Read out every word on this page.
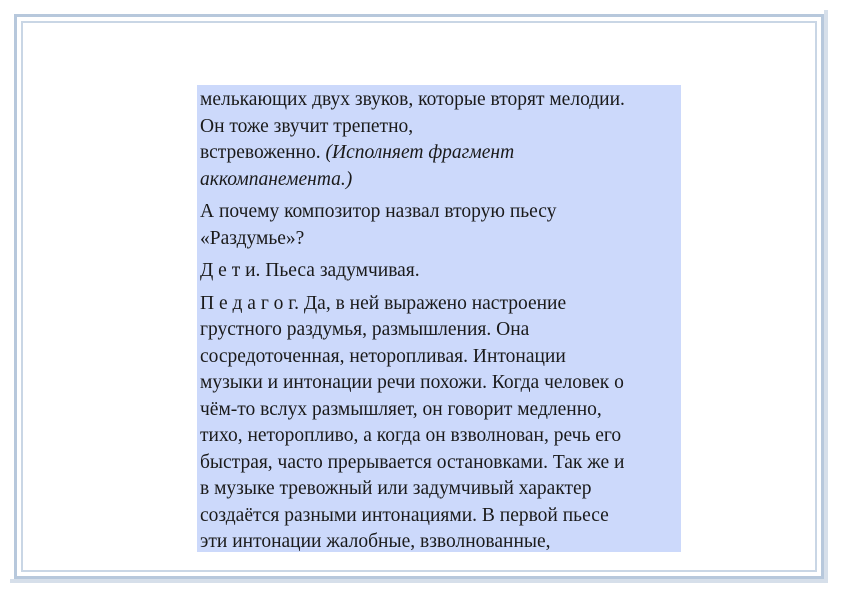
мелькающих двух звуков, которые вторят мелодии.
Он тоже звучит трепетно,
встревоженно. (Исполняет фрагмент
аккомпанемента.)
А почему композитор назвал вторую пьесу
«Раздумье»?
Д е т и. Пьеса задумчивая.
П е д а г о г. Да, в ней выражено настроение
грустного раздумья, размышления. Она
сосредоточенная, неторопливая. Интонации
музыки и интонации речи похожи. Когда человек о
чём-то вслух размышляет, он говорит медленно,
тихо, неторопливо, а когда он взволнован, речь его
быстрая, часто прерывается остановками. Так же и
в музыке тревожный или задумчивый характер
создаётся разными интонациями. В первой пьесе
эти интонации жалобные, взволнованные,
